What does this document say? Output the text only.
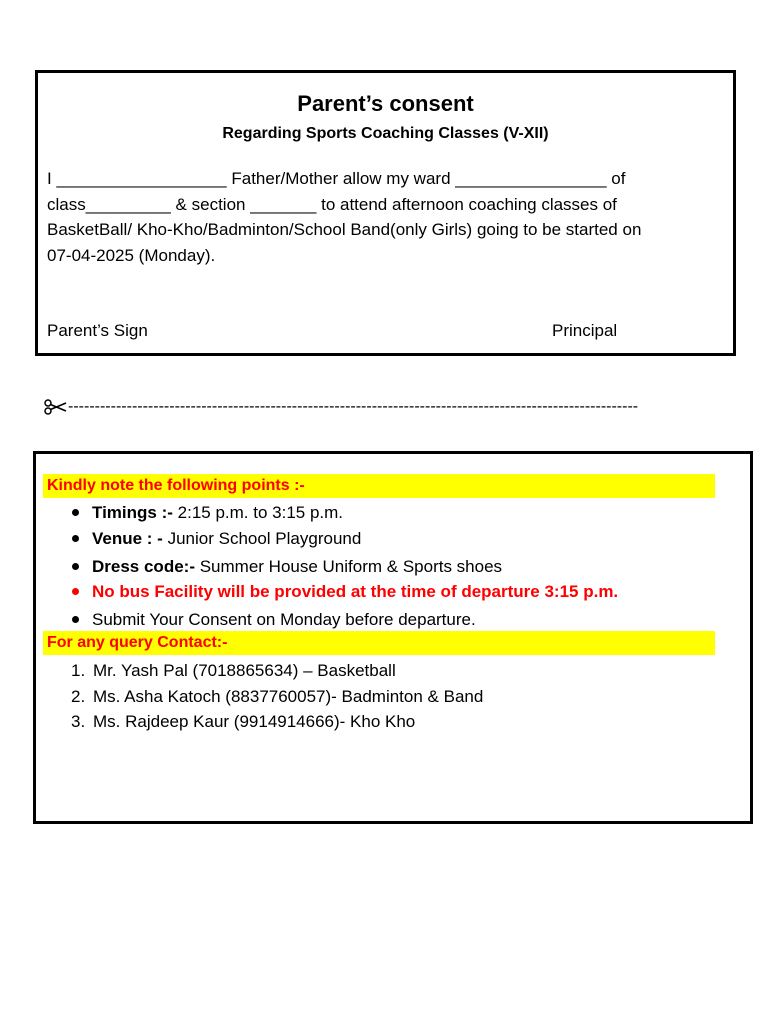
Parent’s consent
Regarding Sports Coaching Classes (V-XII)
I __________________ Father/Mother allow my ward ________________ of
class_________ & section _______ to attend afternoon coaching classes of
BasketBall/ Kho-Kho/Badminton/School Band(only Girls) going to be started on
07-04-2025 (Monday).
Parent’s Sign	Principal
-----------------------------------------------------------------------------------------------------------
Kindly note the following points :-
Timings :- 2:15 p.m. to 3:15 p.m.
Venue : - Junior School Playground
Dress code:- Summer House Uniform & Sports shoes
No bus Facility will be provided at the time of departure 3:15 p.m.
Submit Your Consent on Monday before departure.
For any query Contact:-
1. Mr. Yash Pal (7018865634) – Basketball
2. Ms. Asha Katoch (8837760057)- Badminton & Band
3. Ms. Rajdeep Kaur (9914914666)- Kho Kho
